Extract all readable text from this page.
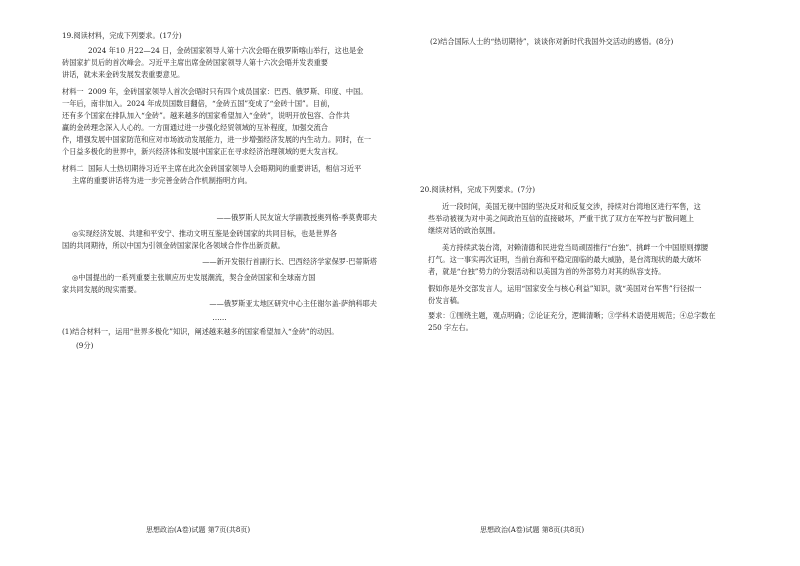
19.阅读材料，完成下列要求。(17分)
2024 年10 月22—24 日，金砖国家领导人第十六次会晤在俄罗斯喀山举行，这也是金
砖国家扩员后的首次峰会。习近平主席出席金砖国家领导人第十六次会晤并发表重要
讲话，就未来金砖发展发表重要意见。
材料一  2009 年，金砖国家领导人首次会晤时只有四个成员国家：巴西、俄罗斯、印度、中国。
一年后，南非加入。2024 年成员国数目翻倍，“金砖五国”变成了“金砖十国”。目前，
还有多个国家在排队加入“金砖”。越来越多的国家希望加入“金砖”，说明开放包容、合作共
赢的金砖理念深入人心的。一方面通过进一步强化经贸领域的互补程度，加强交流合
作，增强发展中国家防范和应对市场波动发展能力，进一步增强经济发展的内生动力。同时，在一
个日益多极化的世界中，新兴经济体和发展中国家正在寻求经济治理领域的更大发言权。
材料二  国际人士热切期待习近平主席在此次金砖国家领导人会晤期间的重要讲话，相信习近平
主席的重要讲话将为进一步完善金砖合作机制指明方向。
——俄罗斯人民友谊大学副教授奥列格·季莫费耶夫
◎实现经济发展、共建和平安宁、推动文明互鉴是金砖国家的共同目标，也是世界各
国的共同期待，所以中国为引领金砖国家深化各领域合作作出新贡献。
——新开发银行首副行长、巴西经济学家保罗·巴蒂斯塔
◎中国提出的一系列重要主张顺应历史发展潮流，契合金砖国家和全球南方国
家共同发展的现实需要。
——俄罗斯亚太地区研究中心主任谢尔盖·萨纳科耶夫
……
(1)结合材料一，运用“世界多极化”知识，阐述越来越多的国家希望加入“金砖”的动因。
(9分)
思想政治(A卷)试题 第7页(共8页)
(2)结合国际人士的“热切期待”，谈谈你对新时代我国外交活动的感悟。(8分)
20.阅读材料，完成下列要求。(7分)
近一段时间，美国无视中国的坚决反对和反复交涉，持续对台湾地区进行军售，这
些举动被视为对中美之间政治互信的直接破坏，严重干扰了双方在军控与扩散问题上
继续对话的政治氛围。
美方持续武装台湾，对赖清德和民进党当局顽固推行“台独”、挑衅一个中国原则撑腰
打气。这一事实再次证明，当前台海和平稳定面临的最大威胁，是台湾现状的最大破坏
者，就是“台独”势力的分裂活动和以美国为首的外部势力对其的纵容支持。
假如你是外交部发言人，运用“国家安全与核心利益”知识，就“美国对台军售”行径拟一
份发言稿。
要求：①围绕主题，观点明确；②论证充分，逻辑清晰；③学科术语使用规范；④总字数在
250 字左右。
思想政治(A卷)试题 第8页(共8页)
